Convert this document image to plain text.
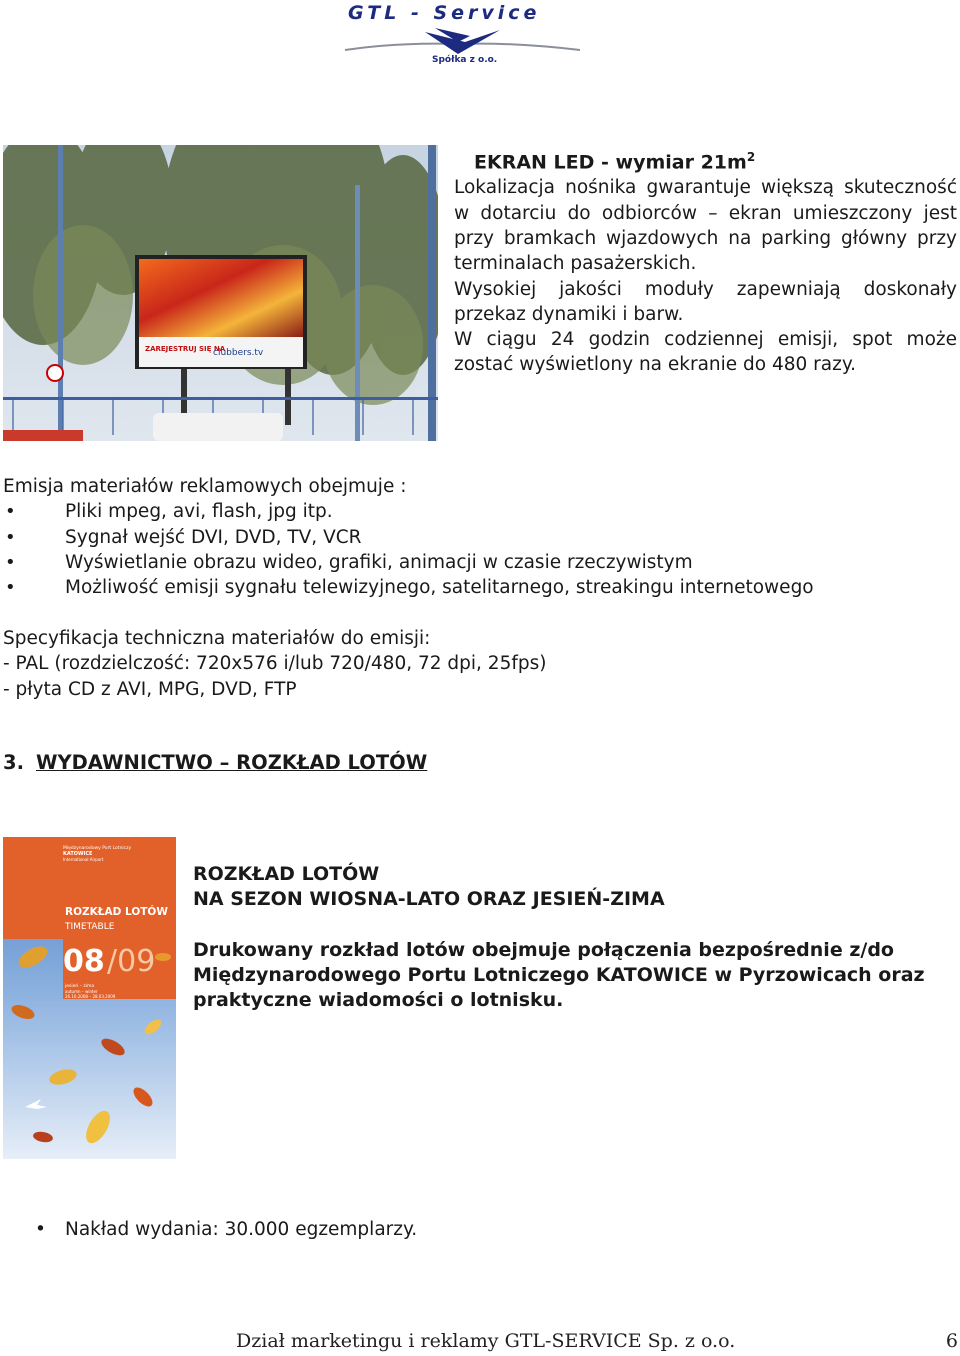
GTL - Service
Spółka z o.o.
ZAREJESTRUJ SIĘ NA
clubbers.tv
EKRAN LED - wymiar $21m^2$

Lokalizacja nośnika gwarantuje większą skuteczność w dotarciu do odbiorców – ekran umieszczony jest przy bramkach wjazdowych na parking główny przy terminalach pasażerskich.

Wysokiej jakości moduły zapewniają doskonały przekaz dynamiki i barw.

W ciągu 24 godzin codziennej emisji, spot może zostać wyświetlony na ekranie do 480 razy.

Emisja materiałów reklamowych obejmuje :
• Pliki mpeg, avi, flash, jpg itp.
• Sygnał wejść DVI, DVD, TV, VCR
• Wyświetlanie obrazu wideo, grafiki, animacji w czasie rzeczywistym
• Możliwość emisji sygnału telewizyjnego, satelitarnego, streakingu internetowego
Specyfikacja techniczna materiałów do emisji:
- PAL (rozdzielczość: 720x576 i/lub 720/480, 72 dpi, 25fps)
- płyta CD z AVI, MPG, DVD, FTP
3. WYDAWNICTWO – ROZKŁAD LOTÓW
Międzynarodowy Port Lotniczy
KATOWICE
International Airport
ROZKŁAD LOTÓW
TIMETABLE
08 /09
jesień – zima
autumn – winter
26.10.2008 – 28.03.2009

ROZKŁAD LOTÓW

NA SEZON WIOSNA-LATO ORAZ JESIEŃ-ZIMA

Drukowany rozkład lotów obejmuje połączenia bezpośrednie z/do Międzynarodowego Portu Lotniczego KATOWICE w Pyrzowicach oraz praktyczne wiadomości o lotnisku.

• Nakład wydania: 30.000 egzemplarzy.
Dział marketingu i reklamy GTL-SERVICE Sp. z o.o.	6
